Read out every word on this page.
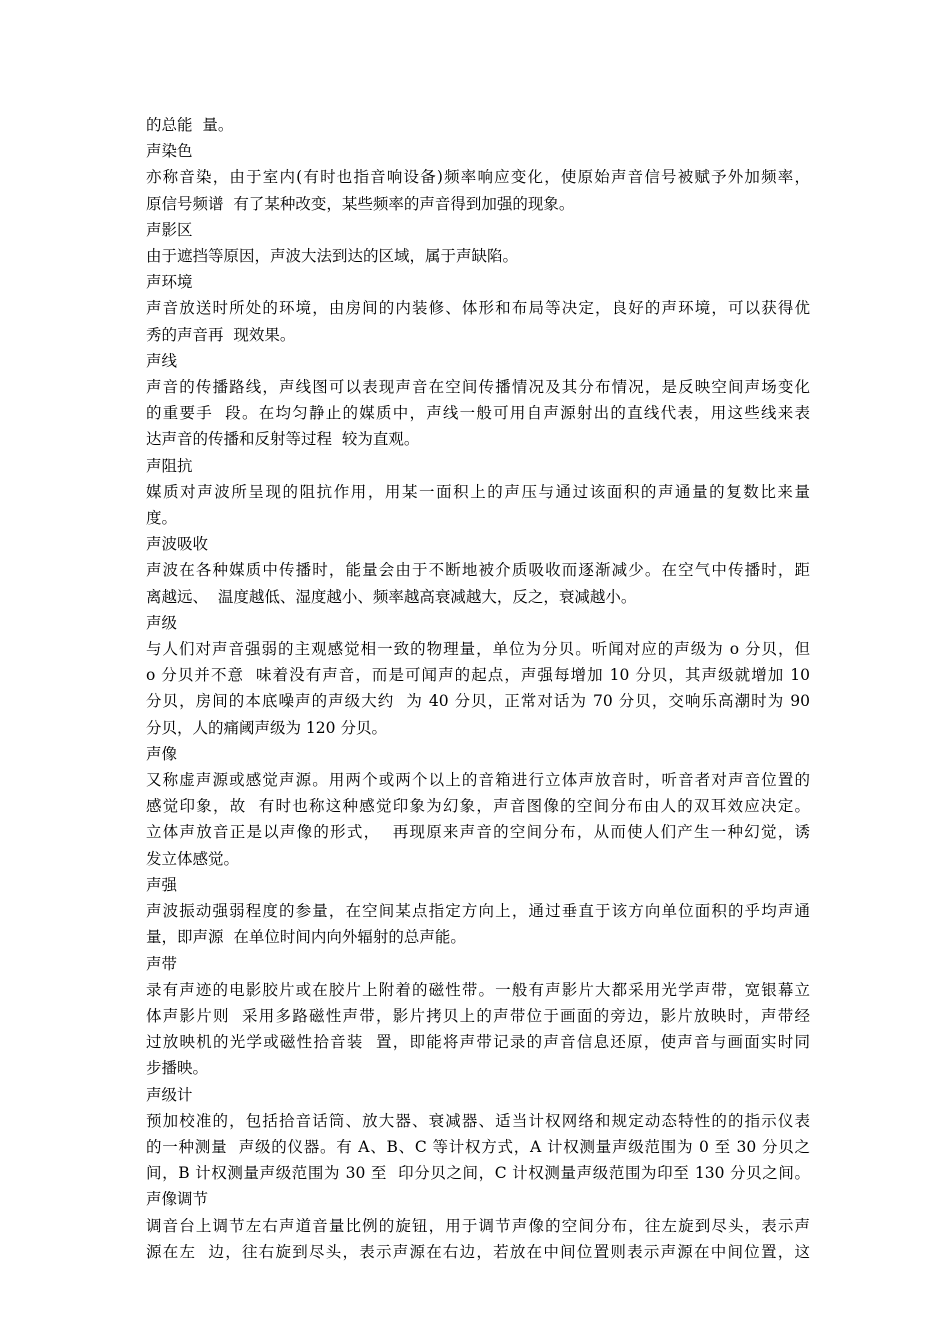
的总能  量。
声染色
亦称音染，由于室内(有时也指音响设备)频率响应变化，使原始声音信号被赋予外加频率，
原信号频谱  有了某种改变，某些频率的声音得到加强的现象。
声影区
由于遮挡等原因，声波大法到达的区域，属于声缺陷。
声环境
声音放送时所处的环境，由房间的内装修、体形和布局等决定，良好的声环境，可以获得优
秀的声音再  现效果。
声线
声音的传播路线，声线图可以表现声音在空间传播情况及其分布情况，是反映空间声场变化
的重要手  段。在均匀静止的媒质中，声线一般可用自声源射出的直线代表，用这些线来表
达声音的传播和反射等过程  较为直观。
声阻抗
媒质对声波所呈现的阻抗作用，用某一面积上的声压与通过该面积的声通量的复数比来量
度。
声波吸收
声波在各种媒质中传播时，能量会由于不断地被介质吸收而逐渐减少。在空气中传播时，距
离越远、  温度越低、湿度越小、频率越高衰减越大，反之，衰减越小。
声级
与人们对声音强弱的主观感觉相一致的物理量，单位为分贝。听闻对应的声级为 o 分贝，但
o 分贝并不意  味着没有声音，而是可闻声的起点，声强每增加 10 分贝，其声级就增加 10
分贝，房间的本底噪声的声级大约  为 40 分贝，正常对话为 70 分贝，交响乐高潮时为 90
分贝，人的痛阈声级为 120 分贝。
声像
又称虚声源或感觉声源。用两个或两个以上的音箱进行立体声放音时，听音者对声音位置的
感觉印象，故  有时也称这种感觉印象为幻象，声音图像的空间分布由人的双耳效应决定。
立体声放音正是以声像的形式，  再现原来声音的空间分布，从而使人们产生一种幻觉，诱
发立体感觉。
声强
声波振动强弱程度的参量，在空间某点指定方向上，通过垂直于该方向单位面积的乎均声通
量，即声源  在单位时间内向外辐射的总声能。
声带
录有声迹的电影胶片或在胶片上附着的磁性带。一般有声影片大都采用光学声带，宽银幕立
体声影片则  采用多路磁性声带，影片拷贝上的声带位于画面的旁边，影片放映时，声带经
过放映机的光学或磁性拾音装  置，即能将声带记录的声音信息还原，使声音与画面实时同
步播映。
声级计
预加校准的，包括拾音话筒、放大器、衰减器、适当计权网络和规定动态特性的的指示仪表
的一种测量  声级的仪器。有 A、B、C 等计权方式，A 计权测量声级范围为 0 至 30 分贝之
间，B 计权测量声级范围为 30 至  印分贝之间，C 计权测量声级范围为印至 130 分贝之间。
声像调节
调音台上调节左右声道音量比例的旋钮，用于调节声像的空间分布，往左旋到尽头，表示声
源在左  边，往右旋到尽头，表示声源在右边，若放在中间位置则表示声源在中间位置，这
